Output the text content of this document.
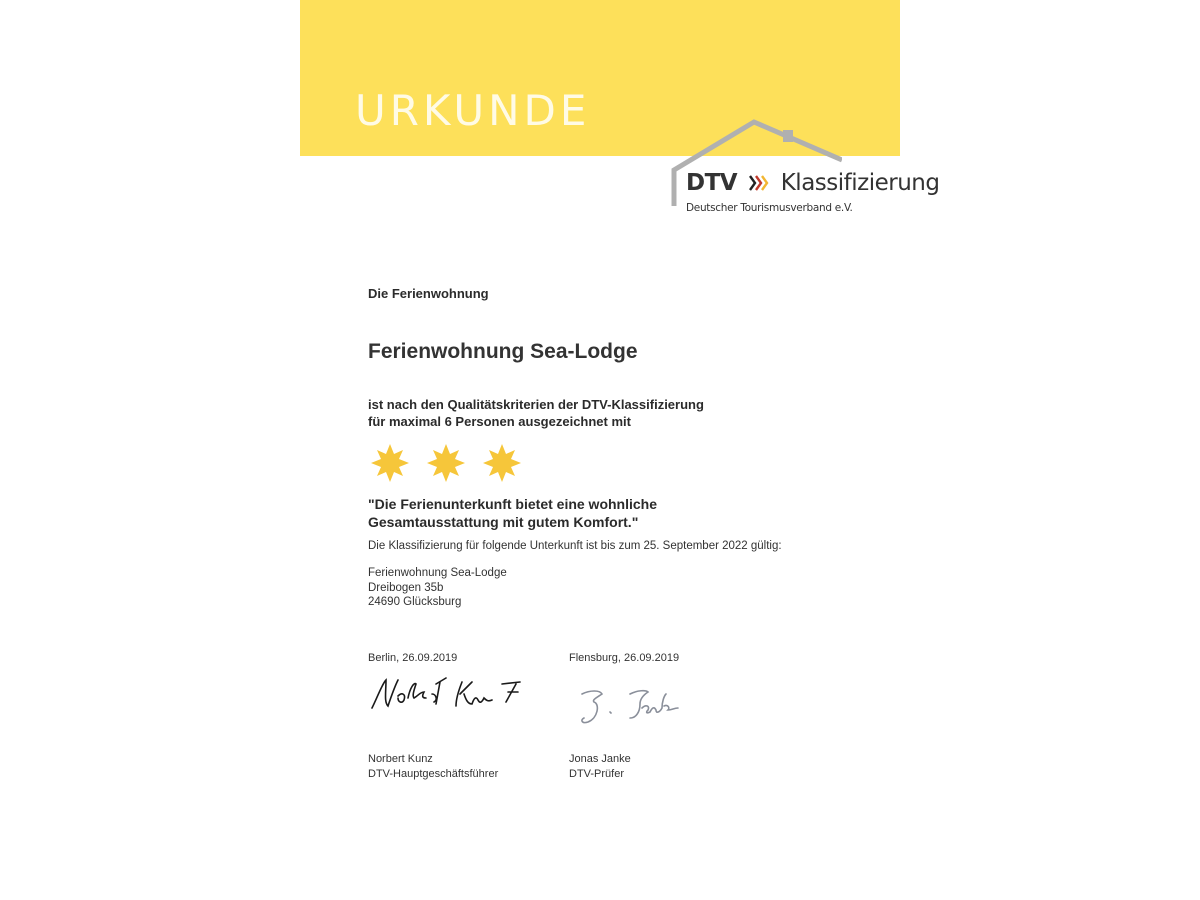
URKUNDE
DTV Klassifizierung
Deutscher Tourismusverband e.V.
Die Ferienwohnung
Ferienwohnung Sea-Lodge
ist nach den Qualitätskriterien der DTV-Klassifizierung
für maximal 6 Personen ausgezeichnet mit
"Die Ferienunterkunft bietet eine wohnliche
Gesamtausstattung mit gutem Komfort."
Die Klassifizierung für folgende Unterkunft ist bis zum 25. September 2022 gültig:
Ferienwohnung Sea-Lodge
Dreibogen 35b
24690 Glücksburg
Berlin, 26.09.2019	Flensburg, 26.09.2019
Norbert Kunz
DTV-Hauptgeschäftsführer
Jonas Janke
DTV-Prüfer
